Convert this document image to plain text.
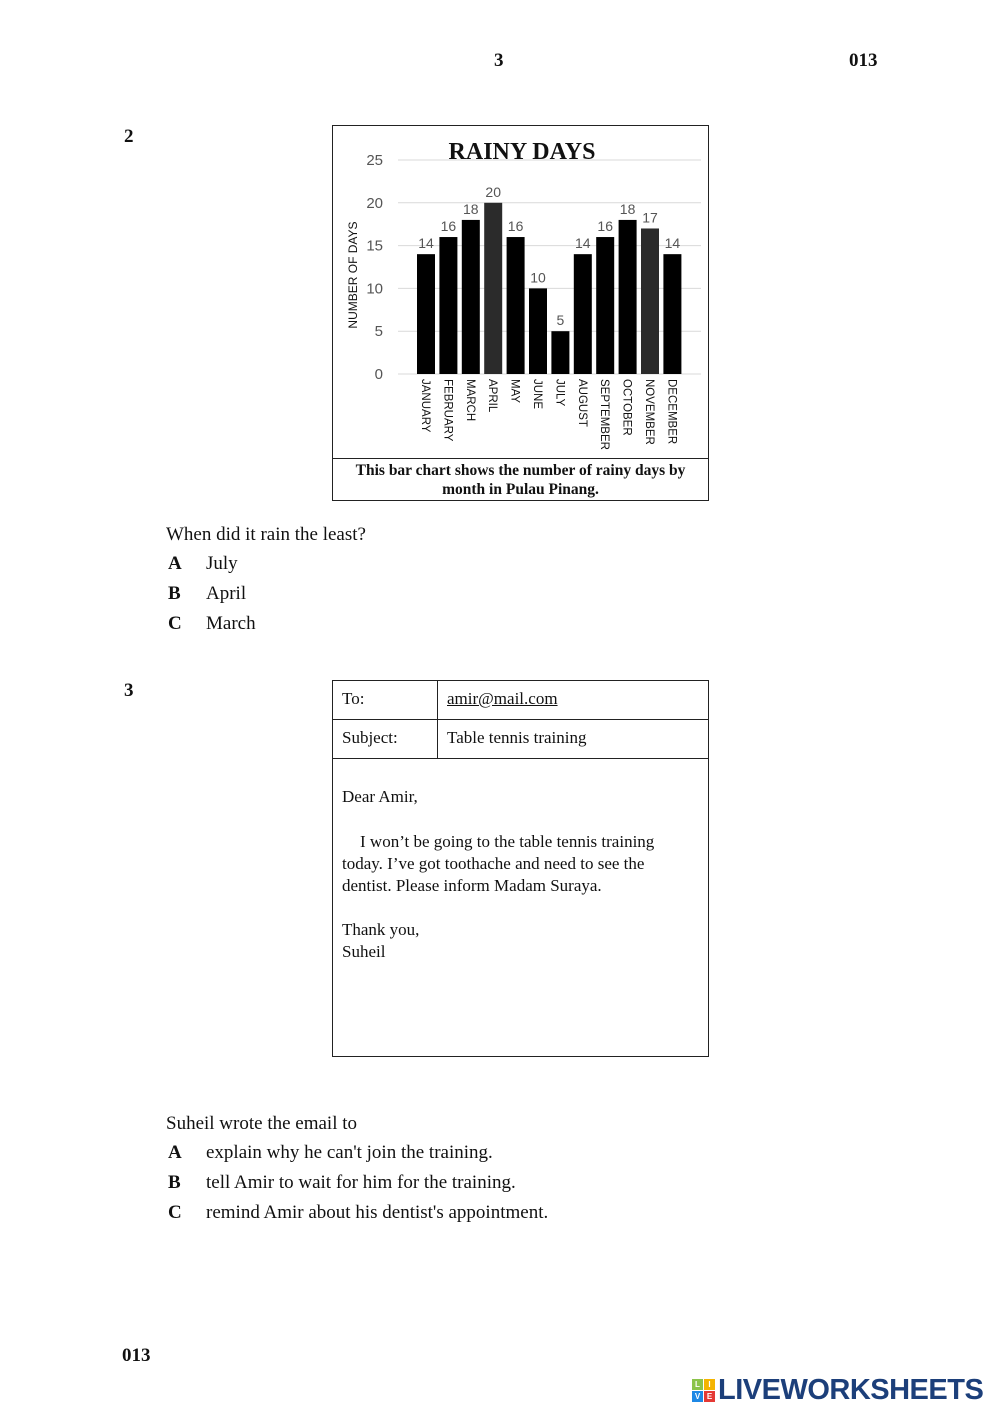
3	013
2
0
5
10
15
20
25
NUMBER OF DAYS
RAINY DAYS
14
JANUARY
16
FEBRUARY
18
MARCH
20
APRIL
16
MAY
10
JUNE
5
JULY
14
AUGUST
16
SEPTEMBER
18
OCTOBER
17
NOVEMBER
14
DECEMBER
This bar chart shows the number of rainy days by month in Pulau Pinang.
When did it rain the least?
A July
B April
C March
3	To:	amir@mail.com
Subject:	Table tennis training
Dear Amir,
I won’t be going to the table tennis training
today. I’ve got toothache and need to see the
dentist. Please inform Madam Suraya.
Thank you,
Suheil
Suheil wrote the email to
A explain why he can't join the training.
B tell Amir to wait for him for the training.
C remind Amir about his dentist's appointment.
013
L	I
V E LIVEWORKSHEETS
